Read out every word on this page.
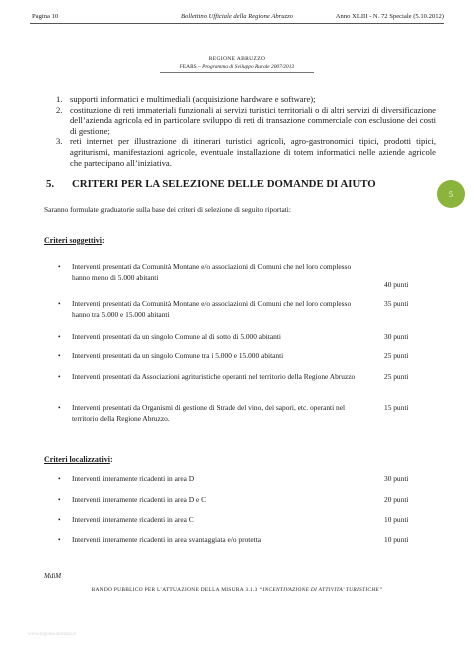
Pagina 10	Bollettino Ufficiale della Regione Abruzzo	Anno XLIII - N. 72 Speciale (5.10.2012)
REGIONE ABRUZZO
FEARS – Programma di Sviluppo Rurale 2007/2013
1. supporti informatici e multimediali (acquisizione hardware e software);
2. costituzione di reti immateriali funzionali ai servizi turistici territoriali o di altri servizi di diversificazione dell’azienda agricola ed in particolare sviluppo di reti di transazione commerciale con esclusione dei costi di gestione;
3. reti internet per illustrazione di itinerari turistici agricoli, agro-gastronomici tipici, prodotti tipici, agriturismi, manifestazioni agricole, eventuale installazione di totem informatici nelle aziende agricole che partecipano all’iniziativa.
5.	CRITERI PER LA SELEZIONE DELLE DOMANDE DI AIUTO
5
Saranno formulate graduatorie sulla base dei criteri di selezione di seguito riportati:
Criteri soggettivi:
• Interventi presentati da Comunità Montane e/o associazioni di Comuni che nel loro complesso hanno meno di 5.000 abitanti
40 punti
• Interventi presentati da Comunità Montane e/o associazioni di Comuni che nel loro complesso hanno tra 5.000 e 15.000 abitanti
35 punti
• Interventi presentati da un singolo Comune al di sotto di 5.000 abitanti	30 punti
• Interventi presentati da un singolo Comune tra i 5.000 e 15.000 abitanti	25 punti
• Interventi presentati da Associazioni agrituristiche operanti nel territorio della Regione Abruzzo	25 punti
• Interventi presentati da Organismi di gestione di Strade del vino, dei sapori, etc. operanti nel territorio della Regione Abruzzo.
15 punti
Criteri localizzativi:
• Interventi interamente ricadenti in area D	30 punti
• Interventi interamente ricadenti in area D e C	20 punti
• Interventi interamente ricadenti in area C	10 punti
• Interventi interamente ricadenti in area svantaggiata e/o protetta	10 punti
MdiM
BANDO PUBBLICO PER L’ATTUAZIONE DELLA MISURA 3.1.3 “INCENTIVAZIONE DI ATTIVITA’ TURISTICHE”
www.regione.abruzzo.it
